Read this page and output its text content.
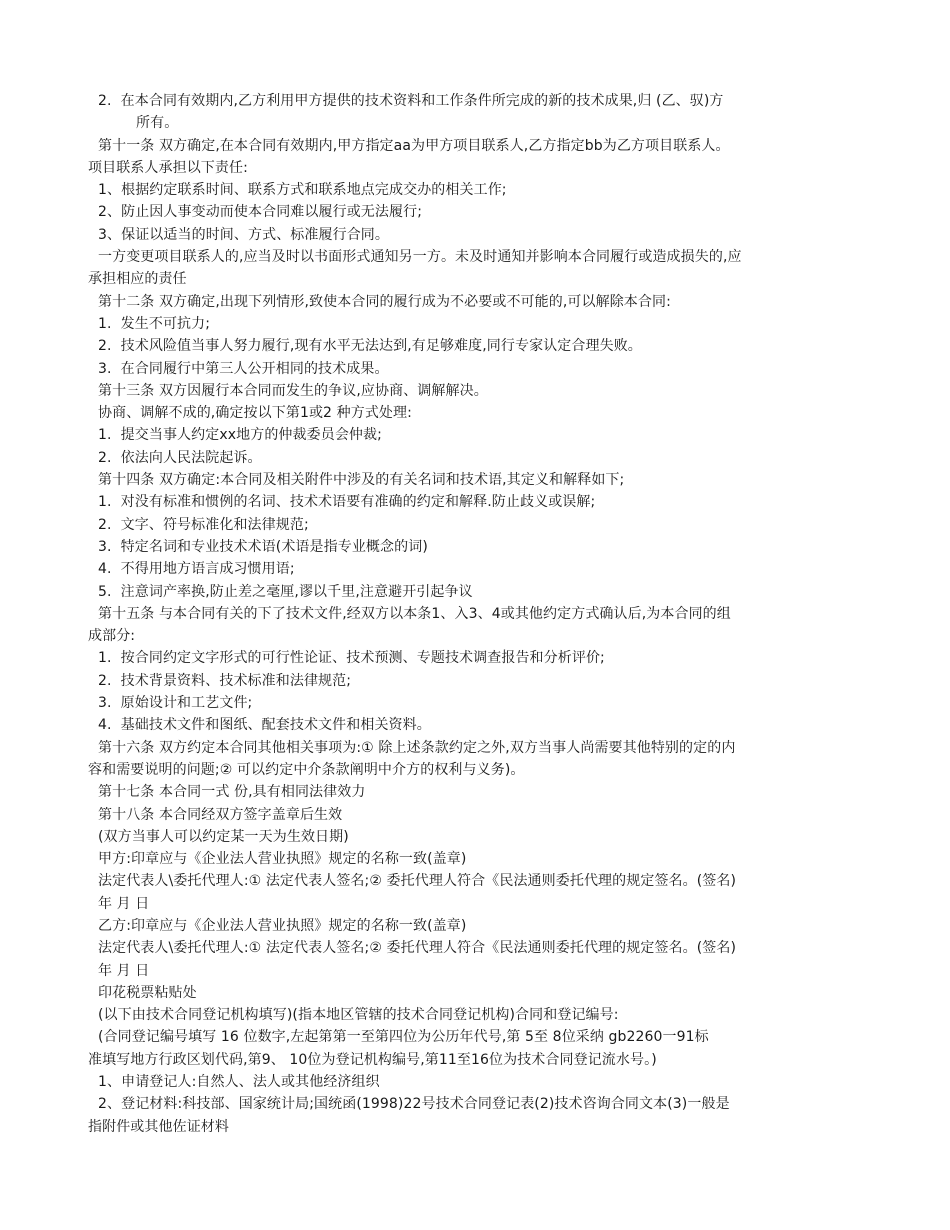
2.  在本合同有效期内,乙方利用甲方提供的技术资料和工作条件所完成的新的技术成果,归 (乙、驭)方
所有。
第十一条 双方确定,在本合同有效期内,甲方指定aa为甲方项目联系人,乙方指定bb为乙方项目联系人。
项目联系人承担以下责任:
1、根据约定联系时间、联系方式和联系地点完成交办的相关工作;
2、防止因人事变动而使本合同难以履行或无法履行;
3、保证以适当的时间、方式、标准履行合同。
一方变更项目联系人的,应当及时以书面形式通知另一方。未及时通知并影响本合同履行或造成损失的,应
承担相应的责任
第十二条 双方确定,出现下列情形,致使本合同的履行成为不必要或不可能的,可以解除本合同:
1.  发生不可抗力;
2.  技术风险值当事人努力履行,现有水平无法达到,有足够难度,同行专家认定合理失败。
3.  在合同履行中第三人公开相同的技术成果。
第十三条 双方因履行本合同而发生的争议,应协商、调解解决。
协商、调解不成的,确定按以下第1或2 种方式处理:
1.  提交当事人约定xx地方的仲裁委员会仲裁;
2.  依法向人民法院起诉。
第十四条 双方确定:本合同及相关附件中涉及的有关名词和技术语,其定义和解释如下;
1.  对没有标准和惯例的名词、技术术语要有准确的约定和解释.防止歧义或误解;
2.  文字、符号标准化和法律规范;
3.  特定名词和专业技术术语(术语是指专业概念的词)
4.  不得用地方语言成习惯用语;
5.  注意词产率换,防止差之毫厘,谬以千里,注意避开引起争议
第十五条 与本合同有关的下了技术文件,经双方以本条1、入3、4或其他约定方式确认后,为本合同的组
成部分:
1.  按合同约定文字形式的可行性论证、技术预测、专题技术调查报告和分析评价;
2.  技术背景资料、技术标准和法律规范;
3.  原始设计和工艺文件;
4.  基础技术文件和图纸、配套技术文件和相关资料。
第十六条 双方约定本合同其他相关事项为:① 除上述条款约定之外,双方当事人尚需要其他特别的定的内
容和需要说明的问题;② 可以约定中介条款阐明中介方的权利与义务)。
第十七条 本合同一式 份,具有相同法律效力
第十八条 本合同经双方签字盖章后生效
(双方当事人可以约定某一天为生效日期)
甲方:印章应与《企业法人营业执照》规定的名称一致(盖章)
法定代表人\委托代理人:① 法定代表人签名;② 委托代理人符合《民法通则委托代理的规定签名。(签名)
年 月 日
乙方:印章应与《企业法人营业执照》规定的名称一致(盖章)
法定代表人\委托代理人:① 法定代表人签名;② 委托代理人符合《民法通则委托代理的规定签名。(签名)
年 月 日
印花税票粘贴处
(以下由技术合同登记机构填写)(指本地区管辖的技术合同登记机构)合同和登记编号:
(合同登记编号填写 16 位数字,左起第第一至第四位为公历年代号,第 5至 8位采纳 gb2260一91标
准填写地方行政区划代码,第9、 10位为登记机构编号,第11至16位为技术合同登记流水号。)
1、申请登记人:自然人、法人或其他经济组织
2、登记材料:科技部、国家统计局;国统函(1998)22号技术合同登记表(2)技术咨询合同文本(3)一般是
指附件或其他佐证材料
